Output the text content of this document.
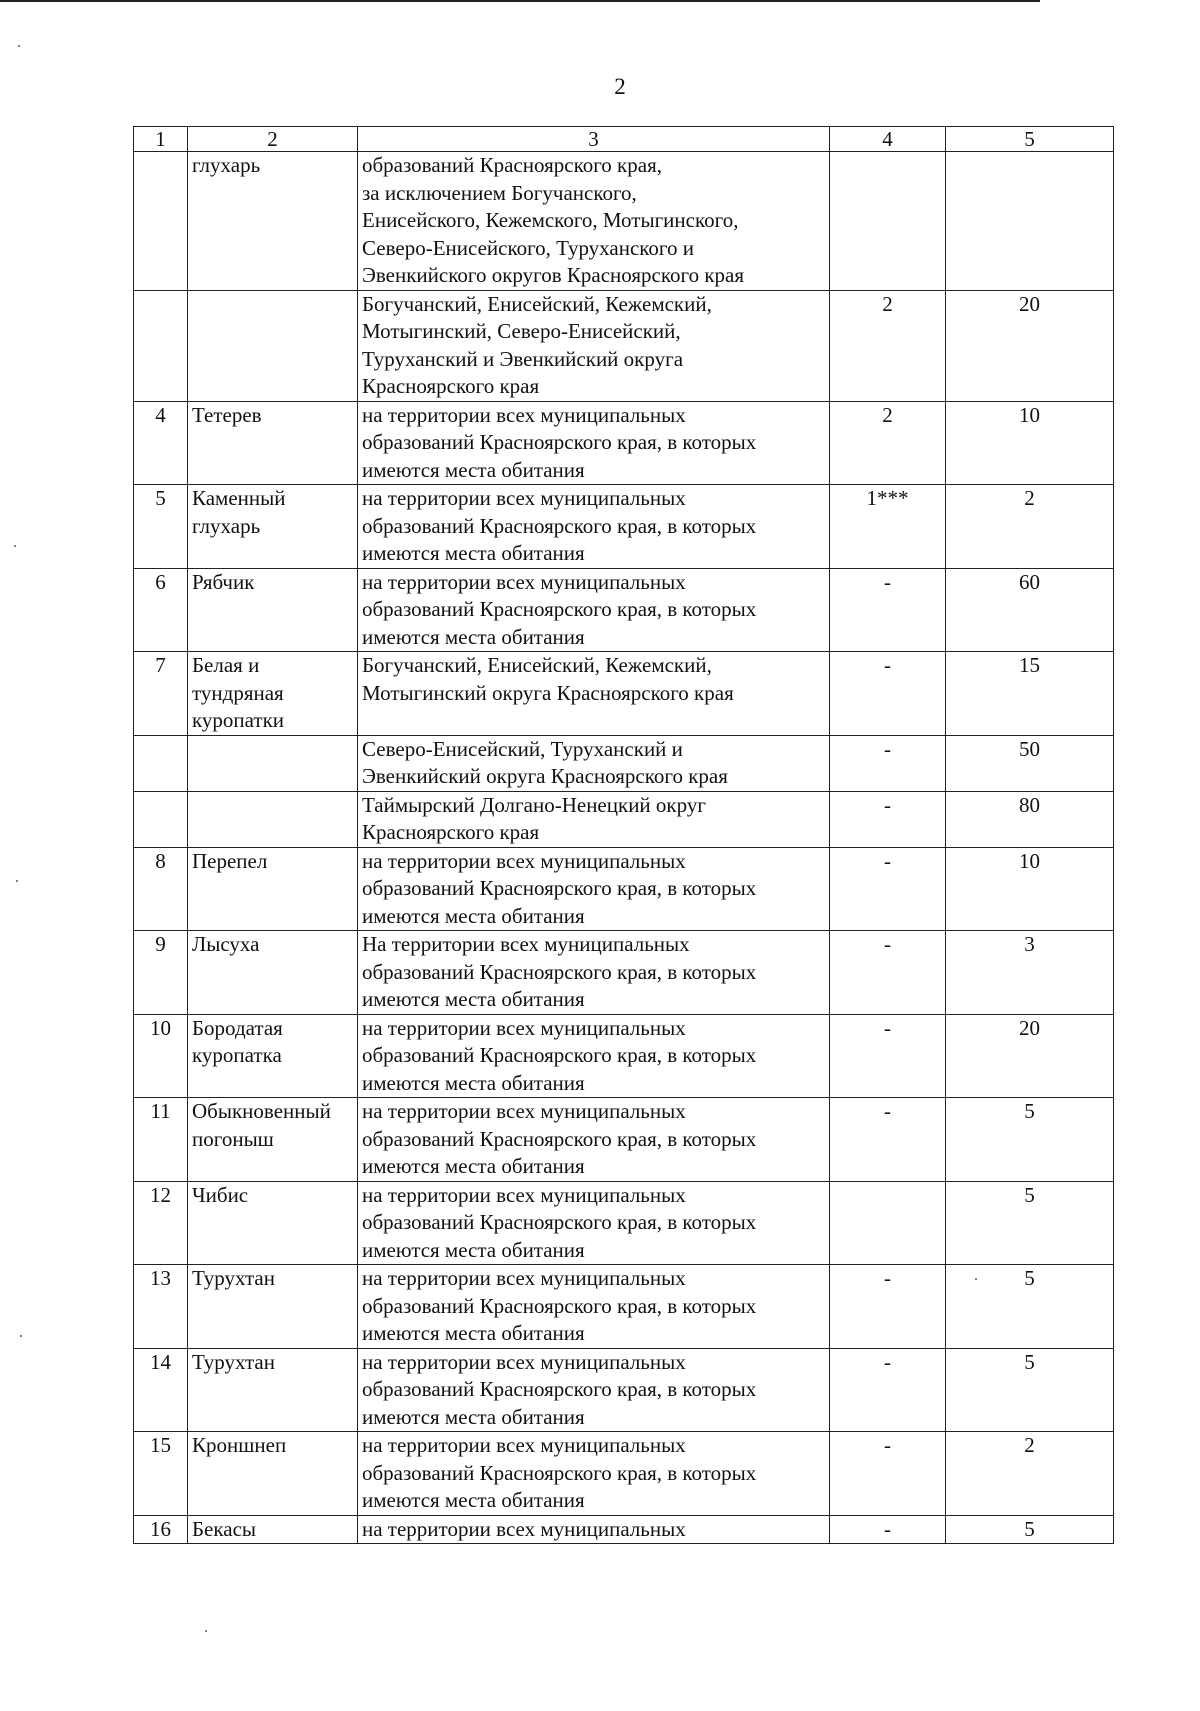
2
1	2	3	4	5
	глухарь	образований Красноярского края,
за исключением Богучанского,
Енисейского, Кежемского, Мотыгинского,
Северо-Енисейского, Туруханского и
Эвенкийского округов Красноярского края		
		Богучанский, Енисейский, Кежемский,
Мотыгинский, Северо-Енисейский,
Туруханский и Эвенкийский округа
Красноярского края	2	20
4	Тетерев	на территории всех муниципальных
образований Красноярского края, в которых
имеются места обитания	2	10
5	Каменный
глухарь	на территории всех муниципальных
образований Красноярского края, в которых
имеются места обитания	1***	2
6	Рябчик	на территории всех муниципальных
образований Красноярского края, в которых
имеются места обитания	-	60
7	Белая и
тундряная
куропатки	Богучанский, Енисейский, Кежемский,
Мотыгинский округа Красноярского края	-	15
		Северо-Енисейский, Туруханский и
Эвенкийский округа Красноярского края	-	50
		Таймырский Долгано-Ненецкий округ
Красноярского края	-	80
8	Перепел	на территории всех муниципальных
образований Красноярского края, в которых
имеются места обитания	-	10
9	Лысуха	На территории всех муниципальных
образований Красноярского края, в которых
имеются места обитания	-	3
10	Бородатая
куропатка	на территории всех муниципальных
образований Красноярского края, в которых
имеются места обитания	-	20
11	Обыкновенный
погоныш	на территории всех муниципальных
образований Красноярского края, в которых
имеются места обитания	-	5
12	Чибис	на территории всех муниципальных
образований Красноярского края, в которых
имеются места обитания		5
13	Турухтан	на территории всех муниципальных
образований Красноярского края, в которых
имеются места обитания	-	5
14	Турухтан	на территории всех муниципальных
образований Красноярского края, в которых
имеются места обитания	-	5
15	Кроншнеп	на территории всех муниципальных
образований Красноярского края, в которых
имеются места обитания	-	2
16	Бекасы	на территории всех муниципальных	-	5
